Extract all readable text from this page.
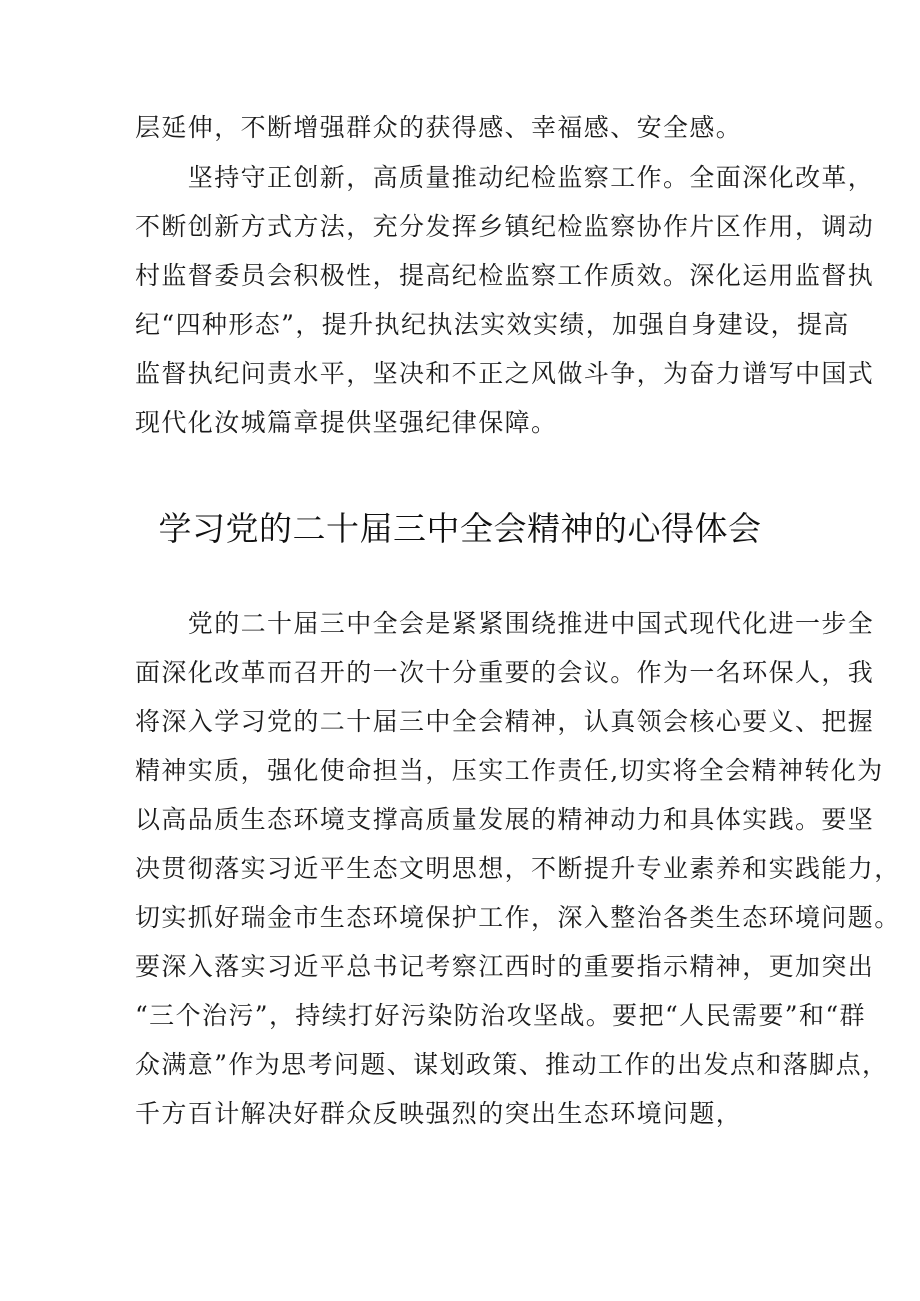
层延伸，不断增强群众的获得感、幸福感、安全感。
　　坚持守正创新，高质量推动纪检监察工作。全面深化改革，
不断创新方式方法，充分发挥乡镇纪检监察协作片区作用，调动
村监督委员会积极性，提高纪检监察工作质效。深化运用监督执
纪“四种形态”，提升执纪执法实效实绩，加强自身建设，提高
监督执纪问责水平，坚决和不正之风做斗争，为奋力谱写中国式
现代化汝城篇章提供坚强纪律保障。
学习党的二十届三中全会精神的心得体会
　　党的二十届三中全会是紧紧围绕推进中国式现代化进一步全
面深化改革而召开的一次十分重要的会议。作为一名环保人，我
将深入学习党的二十届三中全会精神，认真领会核心要义、把握
精神实质，强化使命担当，压实工作责任,切实将全会精神转化为
以高品质生态环境支撑高质量发展的精神动力和具体实践。要坚
决贯彻落实习近平生态文明思想，不断提升专业素养和实践能力，
切实抓好瑞金市生态环境保护工作，深入整治各类生态环境问题。
要深入落实习近平总书记考察江西时的重要指示精神，更加突出
“三个治污”，持续打好污染防治攻坚战。要把“人民需要”和“群
众满意”作为思考问题、谋划政策、推动工作的出发点和落脚点，
千方百计解决好群众反映强烈的突出生态环境问题，
